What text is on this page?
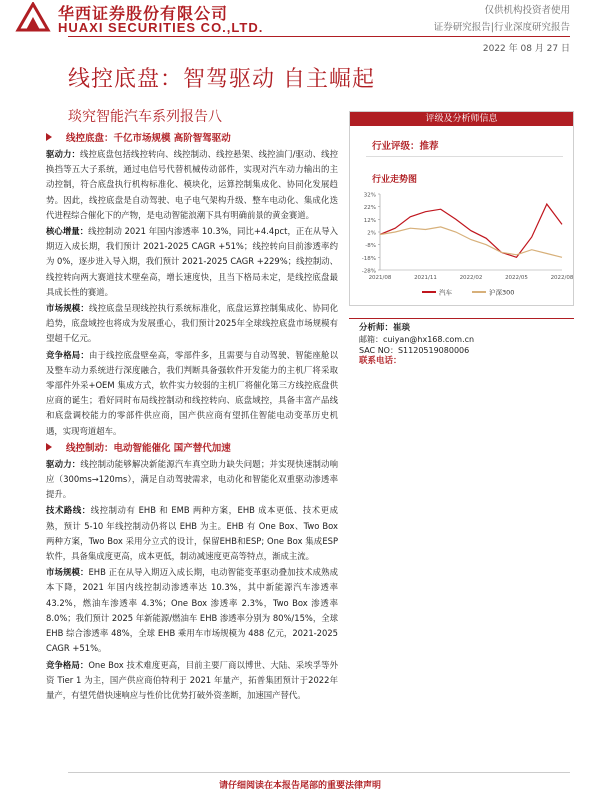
华西证券股份有限公司
HUAXI SECURITIES CO.,LTD.
仅供机构投资者使用
证券研究报告|行业深度研究报告
2022 年 08 月 27 日
线控底盘：智驾驱动 自主崛起
琰究智能汽车系列报告八
线控底盘：千亿市场规模 高阶智驾驱动

驱动力：线控底盘包括线控转向、线控制动、线控悬架、线控油门/驱动、线控换挡等五大子系统，通过电信号代替机械传动部件，实现对汽车动力输出的主动控制，符合底盘执行机构标准化、模块化，运算控制集成化、协同化发展趋势。因此，线控底盘是自动驾驶、电子电气架构升级、整车电动化、集成化迭代进程综合催化下的产物，是电动智能浪潮下具有明确前景的黄金赛道。

核心增量：线控制动 2021 年国内渗透率 10.3%，同比+4.4pct，正在从导入期迈入成长期，我们预计 2021-2025 CAGR +51%；线控转向目前渗透率约为 0%，逐步进入导入期，我们预计 2021-2025 CAGR +229%；线控制动、线控转向两大赛道技术壁垒高，增长速度快，且当下格局未定，是线控底盘最具成长性的赛道。

市场规模：线控底盘呈现线控执行系统标准化，底盘运算控制集成化、协同化趋势，底盘域控也将成为发展重心，我们预计2025年全球线控底盘市场规模有望超千亿元。

竞争格局：由于线控底盘壁垒高，零部件多，且需要与自动驾驶、智能座舱以及整车动力系统进行深度融合，我们判断具备强软件开发能力的主机厂将采取零部件外采+OEM 集成方式，软件实力较弱的主机厂将催化第三方线控底盘供应商的诞生；看好同时布局线控制动和线控转向、底盘域控，具备丰富产品线和底盘调校能力的零部件供应商，国产供应商有望抓住智能电动变革历史机遇，实现弯道超车。

线控制动：电动智能催化 国产替代加速

驱动力：线控制动能够解决新能源汽车真空助力缺失问题；并实现快速制动响应（300ms→120ms），满足自动驾驶需求，电动化和智能化双重驱动渗透率提升。

技术路线：线控制动有 EHB 和 EMB 两种方案，EHB 成本更低、技术更成熟，预计 5-10 年线控制动仍将以 EHB 为主。EHB 有 One Box、Two Box 两种方案，Two Box 采用分立式的设计，保留EHB和ESP; One Box 集成ESP软件，具备集成度更高，成本更低，制动减速度更高等特点，渐成主流。

市场规模：EHB 正在从导入期迈入成长期，电动智能变革驱动叠加技术成熟成本下降，2021 年国内线控制动渗透率达 10.3%，其中新能源汽车渗透率 43.2%，燃油车渗透率 4.3%；One Box 渗透率 2.3%，Two Box 渗透率 8.0%；我们预计 2025 年新能源/燃油车 EHB 渗透率分别为 80%/15%，全球 EHB 综合渗透率 48%，全球 EHB 乘用车市场规模为 488 亿元，2021-2025 CAGR +51%。

竞争格局：One Box 技术难度更高，目前主要厂商以博世、大陆、采埃孚等外资 Tier 1 为主，国产供应商伯特利于 2021 年量产，拓普集团预计于2022年量产，有望凭借快速响应与性价比优势打破外资垄断，加速国产替代。

评级及分析师信息
行业评级：推荐
行业走势图
32%
22%
12%
2%
-8%
-18%
-28%
2021/08	2021/11	2022/02	2022/05	2022/08
汽车	沪深300
分析师：崔琰
邮箱：cuiyan@hx168.com.cn
SAC NO：S1120519080006
联系电话：
请仔细阅读在本报告尾部的重要法律声明
